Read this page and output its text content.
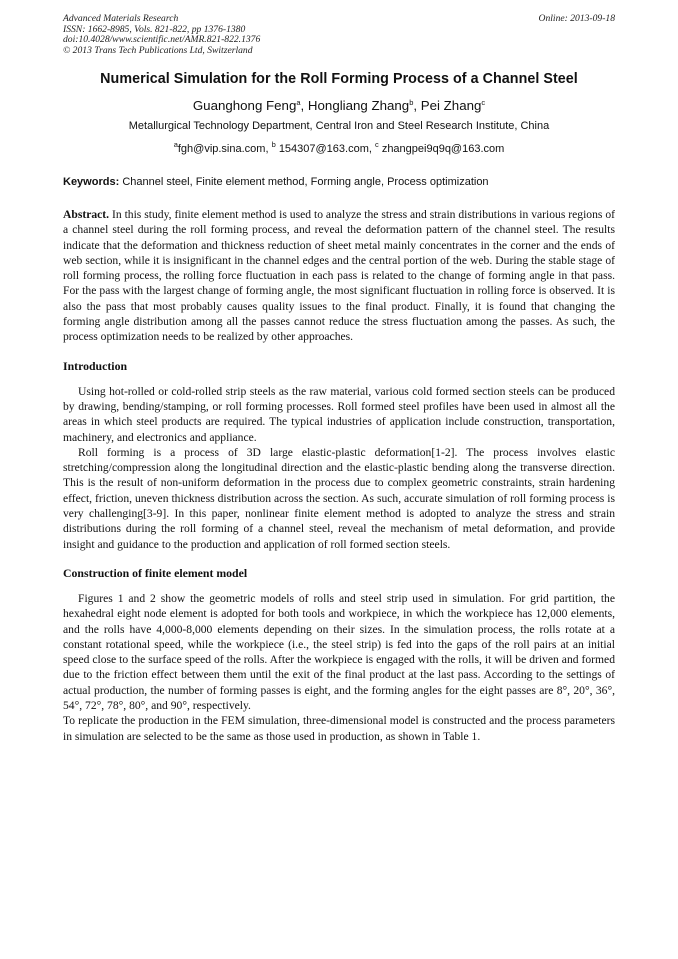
Advanced Materials Research
ISSN: 1662-8985, Vols. 821-822, pp 1376-1380
doi:10.4028/www.scientific.net/AMR.821-822.1376
© 2013 Trans Tech Publications Ltd, Switzerland
Online: 2013-09-18
Numerical Simulation for the Roll Forming Process of a Channel Steel
Guanghong Feng$^a$, Hongliang Zhang$^b$, Pei Zhang$^c$
Metallurgical Technology Department, Central Iron and Steel Research Institute, China
$^a$fgh@vip.sina.com, $^b$ 154307@163.com, $^c$ zhangpei9q9q@163.com
Keywords: Channel steel, Finite element method, Forming angle, Process optimization

Abstract. In this study, finite element method is used to analyze the stress and strain distributions in various regions of a channel steel during the roll forming process, and reveal the deformation pattern of the channel steel. The results indicate that the deformation and thickness reduction of sheet metal mainly concentrates in the corner and the ends of web section, while it is insignificant in the channel edges and the central portion of the web. During the stable stage of roll forming process, the rolling force fluctuation in each pass is related to the change of forming angle in that pass. For the pass with the largest change of forming angle, the most significant fluctuation in rolling force is observed. It is also the pass that most probably causes quality issues to the final product. Finally, it is found that changing the forming angle distribution among all the passes cannot reduce the stress fluctuation among the passes. As such, the process optimization needs to be realized by other approaches.

Introduction

Using hot-rolled or cold-rolled strip steels as the raw material, various cold formed section steels can be produced by drawing, bending/stamping, or roll forming processes. Roll formed steel profiles have been used in almost all the areas in which steel products are required. The typical industries of application include construction, transportation, machinery, and electronics and appliance.

Roll forming is a process of 3D large elastic-plastic deformation[1-2]. The process involves elastic stretching/compression along the longitudinal direction and the elastic-plastic bending along the transverse direction. This is the result of non-uniform deformation in the process due to complex geometric constraints, strain hardening effect, friction, uneven thickness distribution across the section. As such, accurate simulation of roll forming process is very challenging[3-9]. In this paper, nonlinear finite element method is adopted to analyze the stress and strain distributions during the roll forming of a channel steel, reveal the mechanism of metal deformation, and provide insight and guidance to the production and application of roll formed section steels.

Construction of finite element model

Figures 1 and 2 show the geometric models of rolls and steel strip used in simulation. For grid partition, the hexahedral eight node element is adopted for both tools and workpiece, in which the workpiece has 12,000 elements, and the rolls have 4,000-8,000 elements depending on their sizes. In the simulation process, the rolls rotate at a constant rotational speed, while the workpiece (i.e., the steel strip) is fed into the gaps of the roll pairs at an initial speed close to the surface speed of the rolls. After the workpiece is engaged with the rolls, it will be driven and formed due to the friction effect between them until the exit of the final product at the last pass. According to the settings of actual production, the number of forming passes is eight, and the forming angles for the eight passes are 8°, 20°, 36°, 54°, 72°, 78°, 80°, and 90°, respectively.

To replicate the production in the FEM simulation, three-dimensional model is constructed and the process parameters in simulation are selected to be the same as those used in production, as shown in Table 1.
